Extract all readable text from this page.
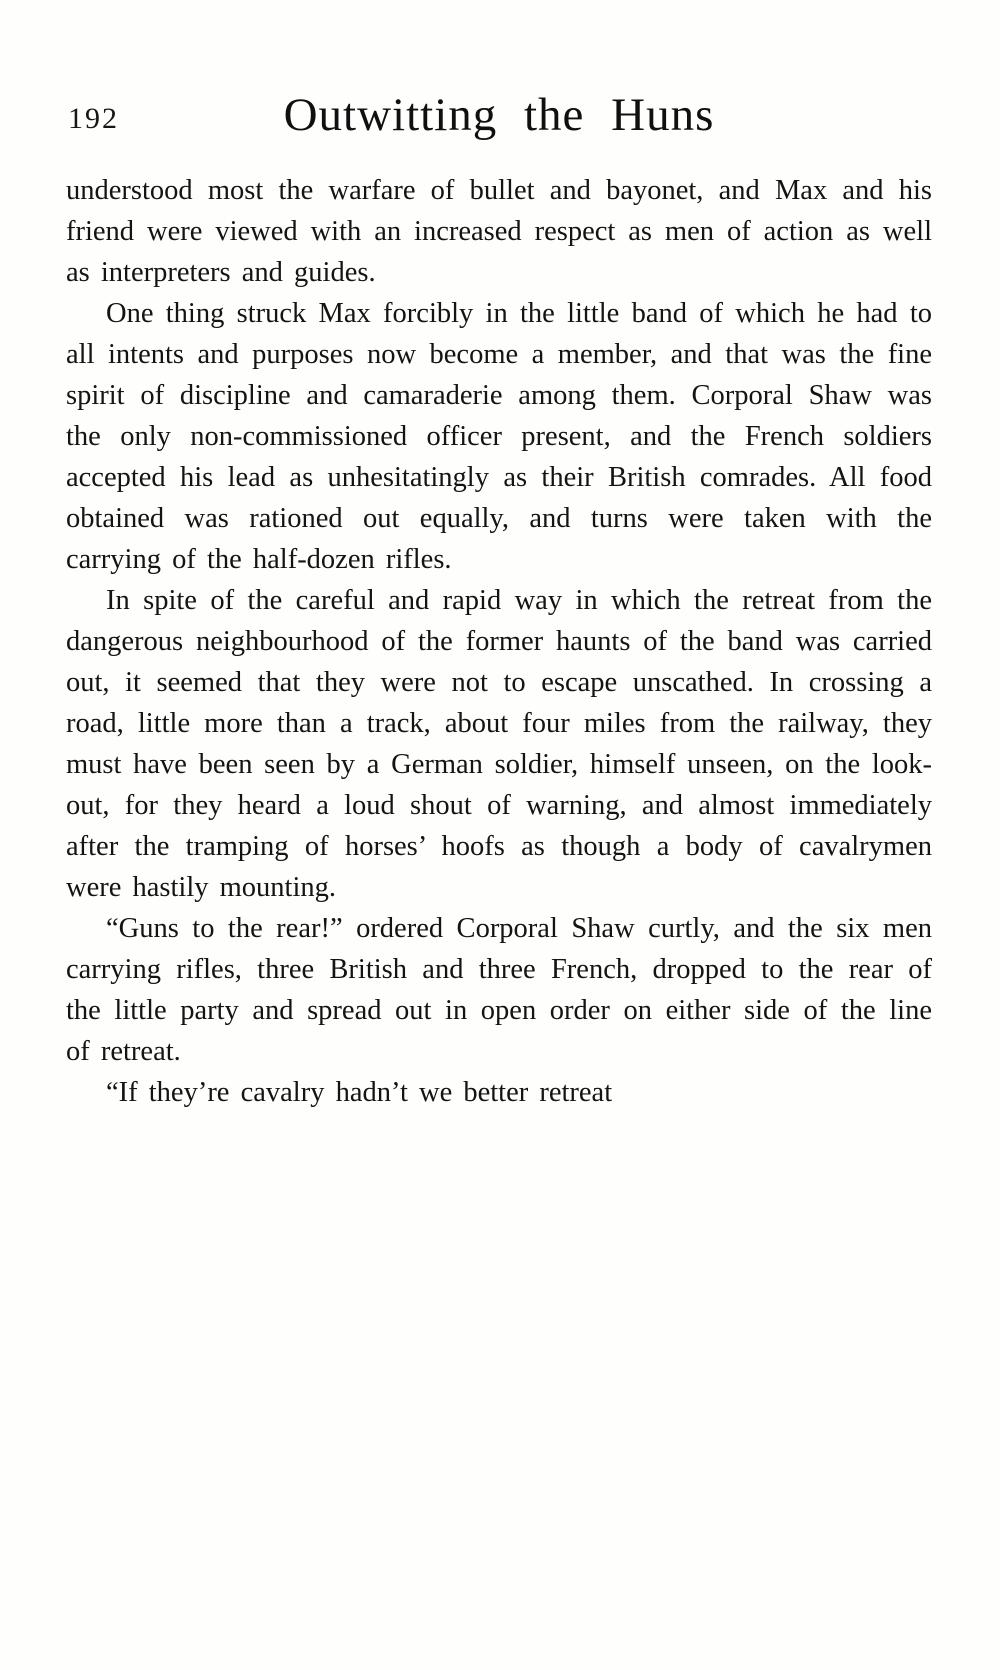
192	Outwitting the Huns

understood most the warfare of bullet and bayonet, and Max and his friend were viewed with an increased respect as men of action as well as interpreters and guides.

One thing struck Max forcibly in the little band of which he had to all intents and purposes now become a member, and that was the fine spirit of discipline and camaraderie among them. Corporal Shaw was the only non-commissioned officer present, and the French soldiers accepted his lead as unhesitatingly as their British comrades. All food obtained was rationed out equally, and turns were taken with the carrying of the half-dozen rifles.

In spite of the careful and rapid way in which the retreat from the dangerous neighbourhood of the former haunts of the band was carried out, it seemed that they were not to escape unscathed. In crossing a road, little more than a track, about four miles from the railway, they must have been seen by a German soldier, himself unseen, on the look-out, for they heard a loud shout of warning, and almost immediately after the tramping of horses’ hoofs as though a body of cavalrymen were hastily mounting.

“Guns to the rear!” ordered Corporal Shaw curtly, and the six men carrying rifles, three British and three French, dropped to the rear of the little party and spread out in open order on either side of the line of retreat.

“If they’re cavalry hadn’t we better retreat
